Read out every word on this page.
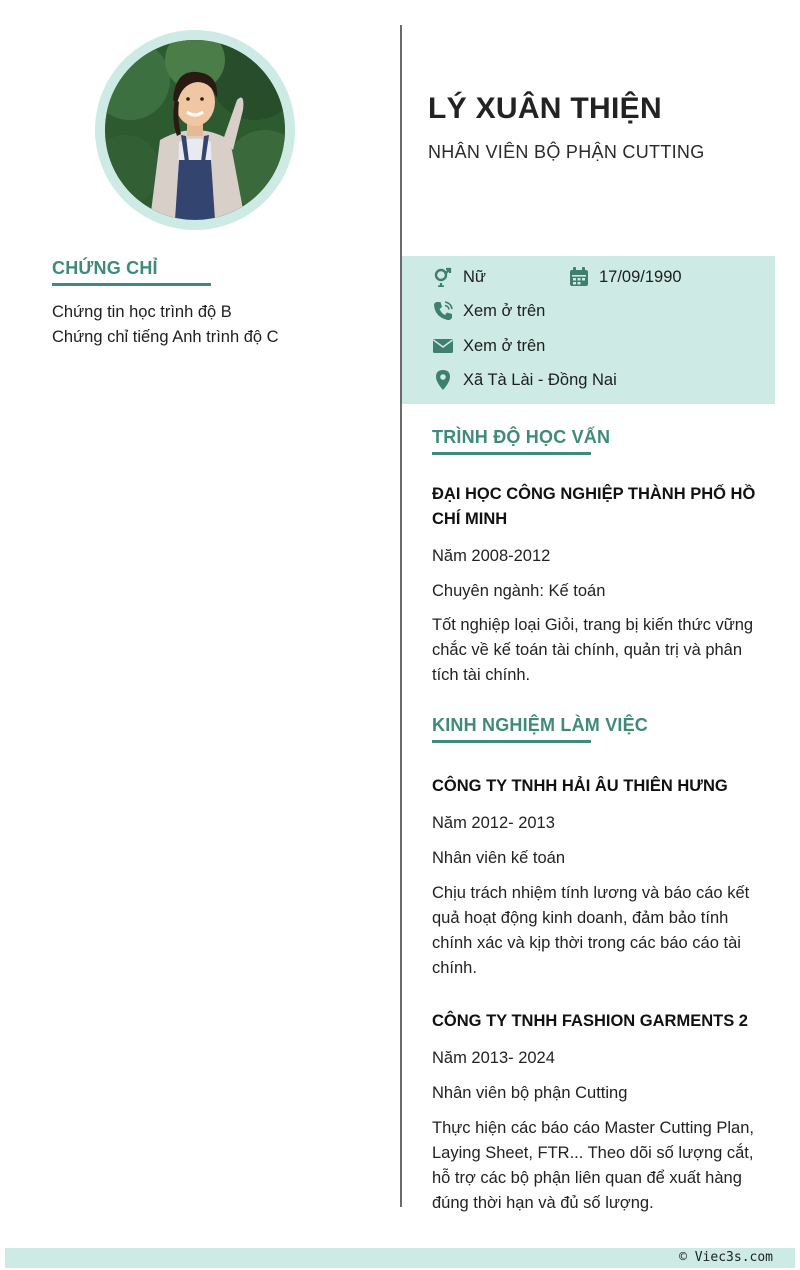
CHỨNG CHỈ
Chứng tin học trình độ B
Chứng chỉ tiếng Anh trình độ C
LÝ XUÂN THIỆN
NHÂN VIÊN BỘ PHẬN CUTTING
Nữ	17/09/1990
Xem ở trên
Xem ở trên
Xã Tà Lài - Đồng Nai
TRÌNH ĐỘ HỌC VẤN
ĐẠI HỌC CÔNG NGHIỆP THÀNH PHỐ HỒ CHÍ MINH
Năm 2008-2012
Chuyên ngành: Kế toán
Tốt nghiệp loại Giỏi, trang bị kiến thức vững chắc về kế toán tài chính, quản trị và phân tích tài chính.
KINH NGHIỆM LÀM VIỆC
CÔNG TY TNHH HẢI ÂU THIÊN HƯNG
Năm 2012- 2013
Nhân viên kế toán
Chịu trách nhiệm tính lương và báo cáo kết quả hoạt động kinh doanh, đảm bảo tính chính xác và kịp thời trong các báo cáo tài chính.
CÔNG TY TNHH FASHION GARMENTS 2
Năm 2013- 2024
Nhân viên bộ phận Cutting
Thực hiện các báo cáo Master Cutting Plan, Laying Sheet, FTR... Theo dõi số lượng cắt, hỗ trợ các bộ phận liên quan để xuất hàng đúng thời hạn và đủ số lượng.
© Viec3s.com
